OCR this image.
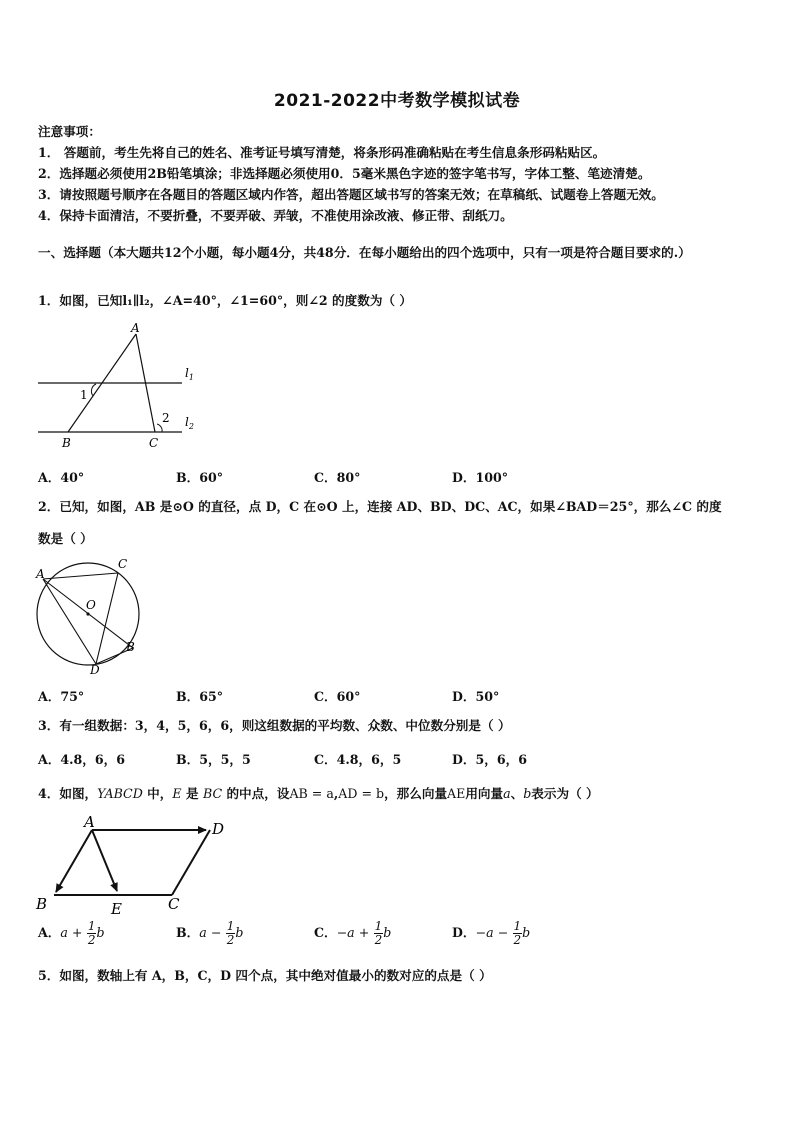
2021-2022中考数学模拟试卷
注意事项：
1． 答题前，考生先将自己的姓名、准考证号填写清楚，将条形码准确粘贴在考生信息条形码粘贴区。
2．选择题必须使用2B铅笔填涂；非选择题必须使用0．5毫米黑色字迹的签字笔书写，字体工整、笔迹清楚。
3．请按照题号顺序在各题目的答题区域内作答，超出答题区域书写的答案无效；在草稿纸、试题卷上答题无效。
4．保持卡面清洁，不要折叠，不要弄破、弄皱，不准使用涂改液、修正带、刮纸刀。
一、选择题（本大题共12个小题，每小题4分，共48分．在每小题给出的四个选项中，只有一项是符合题目要求的.）
1．如图，已知l₁∥l₂，∠A=40°，∠1=60°，则∠2 的度数为（ ）
A
1
2
B	C
$l_1$
$l_2$
A．40°	B．60°	C．80°	D．100°
2．已知，如图，AB 是⊙O 的直径，点 D，C 在⊙O 上，连接 AD、BD、DC、AC，如果∠BAD＝25°，那么∠C 的度
数是（ ）
A
C
O
B
D
A．75°	B．65°	C．60°	D．50°
3．有一组数据：3，4，5，6，6，则这组数据的平均数、众数、中位数分别是（ ）
A．4.8，6，6	B．5，5，5	C．4.8，6，5	D．5，6，6
4．如图，YABCD 中，E 是 BC 的中点，设AB = a,AD = b，那么向量AE用向量a、b表示为（ ）
A	D
B	E	C
A．$a + \frac{1}{2}$ b	B．$a - \frac{1}{2}$ b	C．$-a + \frac{1}{2}$ b	D．$-a - \frac{1}{2}$ b
5．如图，数轴上有 A，B，C，D 四个点，其中绝对值最小的数对应的点是（ ）
